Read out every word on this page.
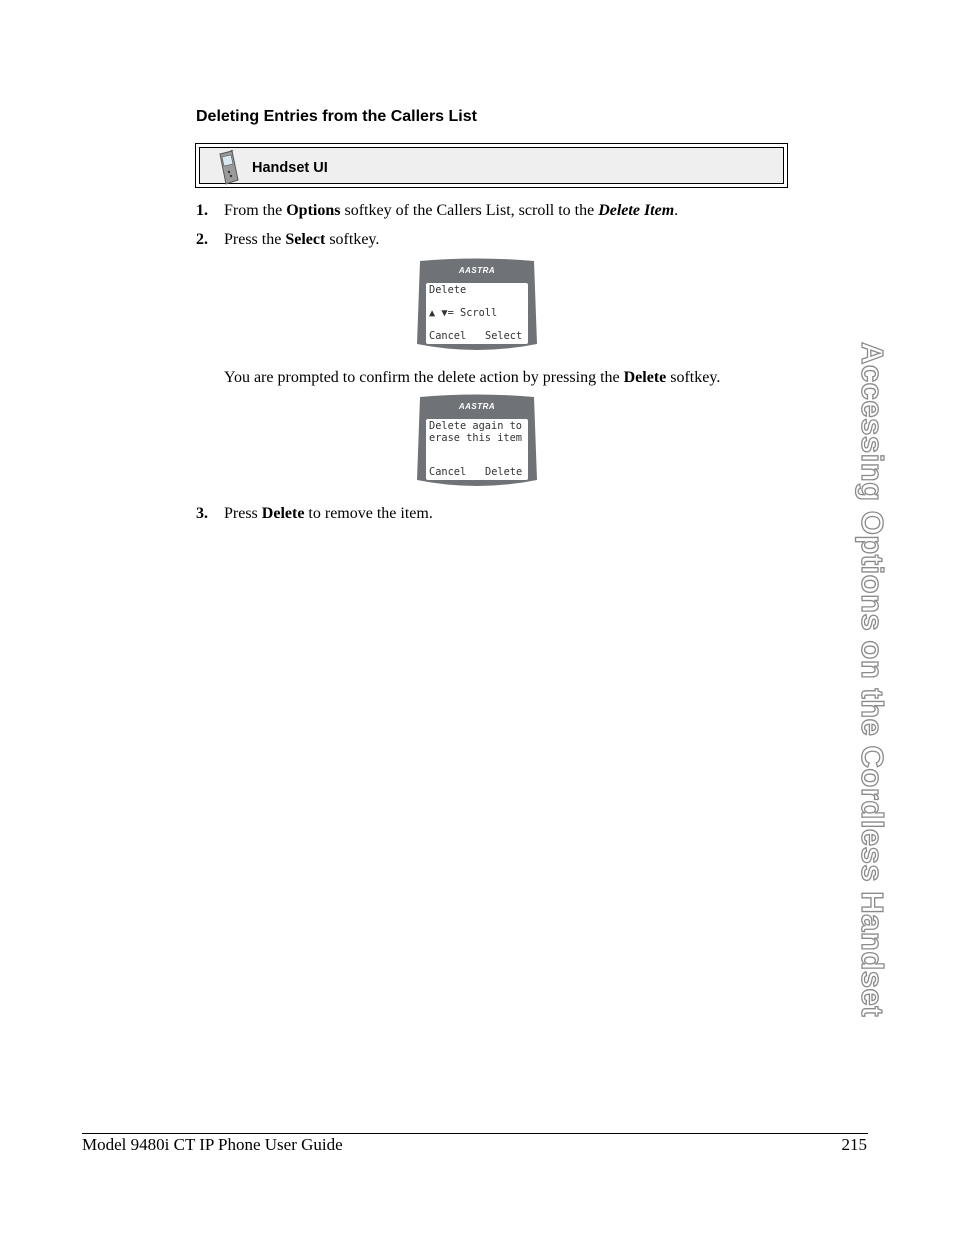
Deleting Entries from the Callers List
Handset UI
1. From the Options softkey of the Callers List, scroll to the Delete Item.
2. Press the Select softkey.
AASTRA
Delete
▲ ▼= Scroll
Cancel Select
You are prompted to confirm the delete action by pressing the Delete softkey.
AASTRA
Delete again to
erase this item
Cancel Delete
3. Press Delete to remove the item.	Accessing Options on the Cordless Handset
Model 9480i CT IP Phone User Guide	215
